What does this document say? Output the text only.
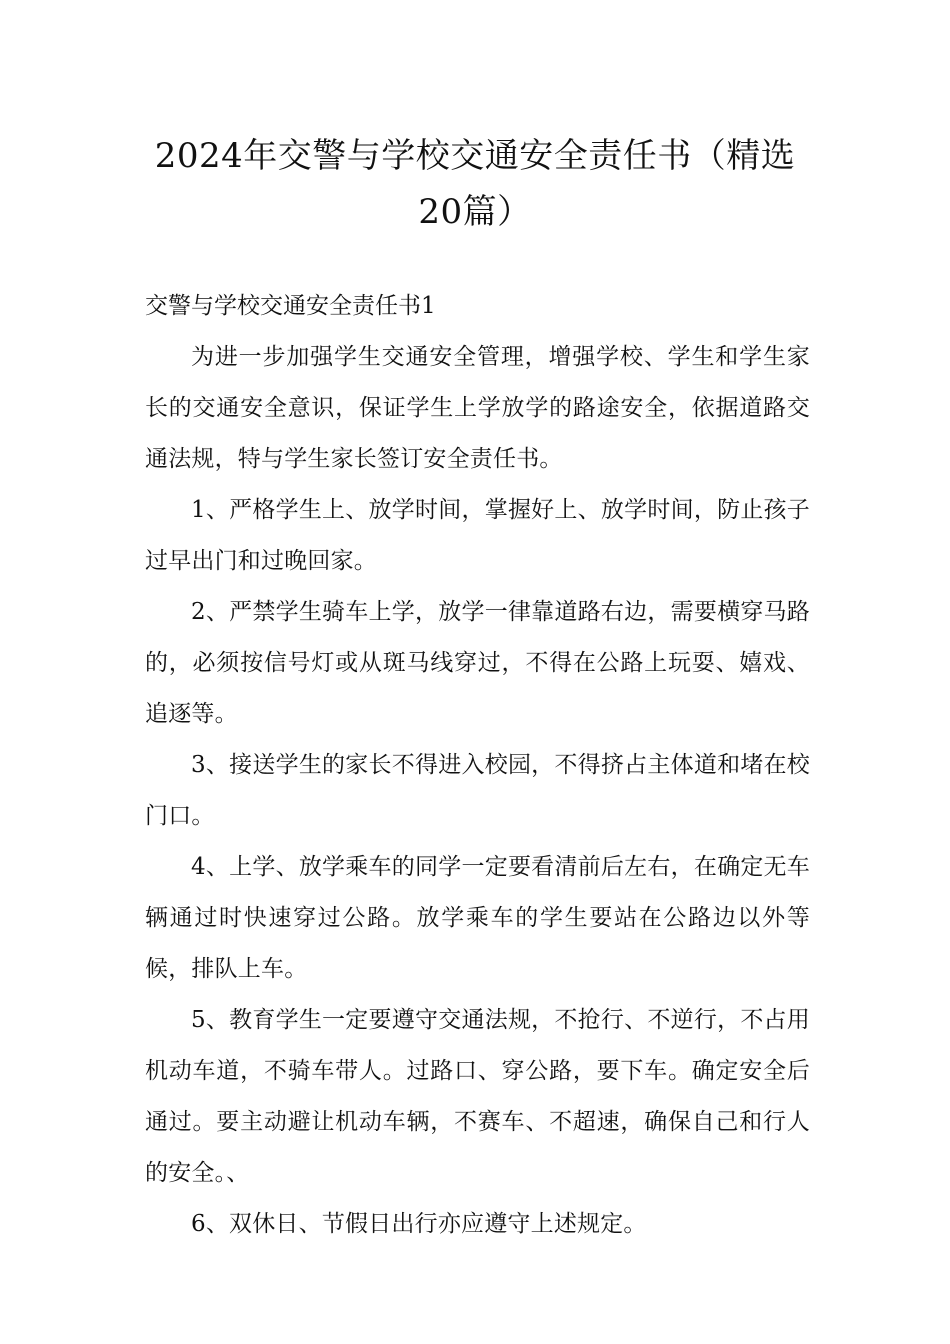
2024年交警与学校交通安全责任书（精选
20篇）
交警与学校交通安全责任书1

为进一步加强学生交通安全管理，增强学校、学生和学生家长的交通安全意识，保证学生上学放学的路途安全，依据道路交通法规，特与学生家长签订安全责任书。

1、严格学生上、放学时间，掌握好上、放学时间，防止孩子过早出门和过晚回家。

2、严禁学生骑车上学，放学一律靠道路右边，需要横穿马路的，必须按信号灯或从斑马线穿过，不得在公路上玩耍、嬉戏、追逐等。

3、接送学生的家长不得进入校园，不得挤占主体道和堵在校门口。

4、上学、放学乘车的同学一定要看清前后左右，在确定无车辆通过时快速穿过公路。放学乘车的学生要站在公路边以外等候，排队上车。

5、教育学生一定要遵守交通法规，不抢行、不逆行，不占用机动车道，不骑车带人。过路口、穿公路，要下车。确定安全后通过。要主动避让机动车辆，不赛车、不超速，确保自己和行人的安全。、

6、双休日、节假日出行亦应遵守上述规定。
